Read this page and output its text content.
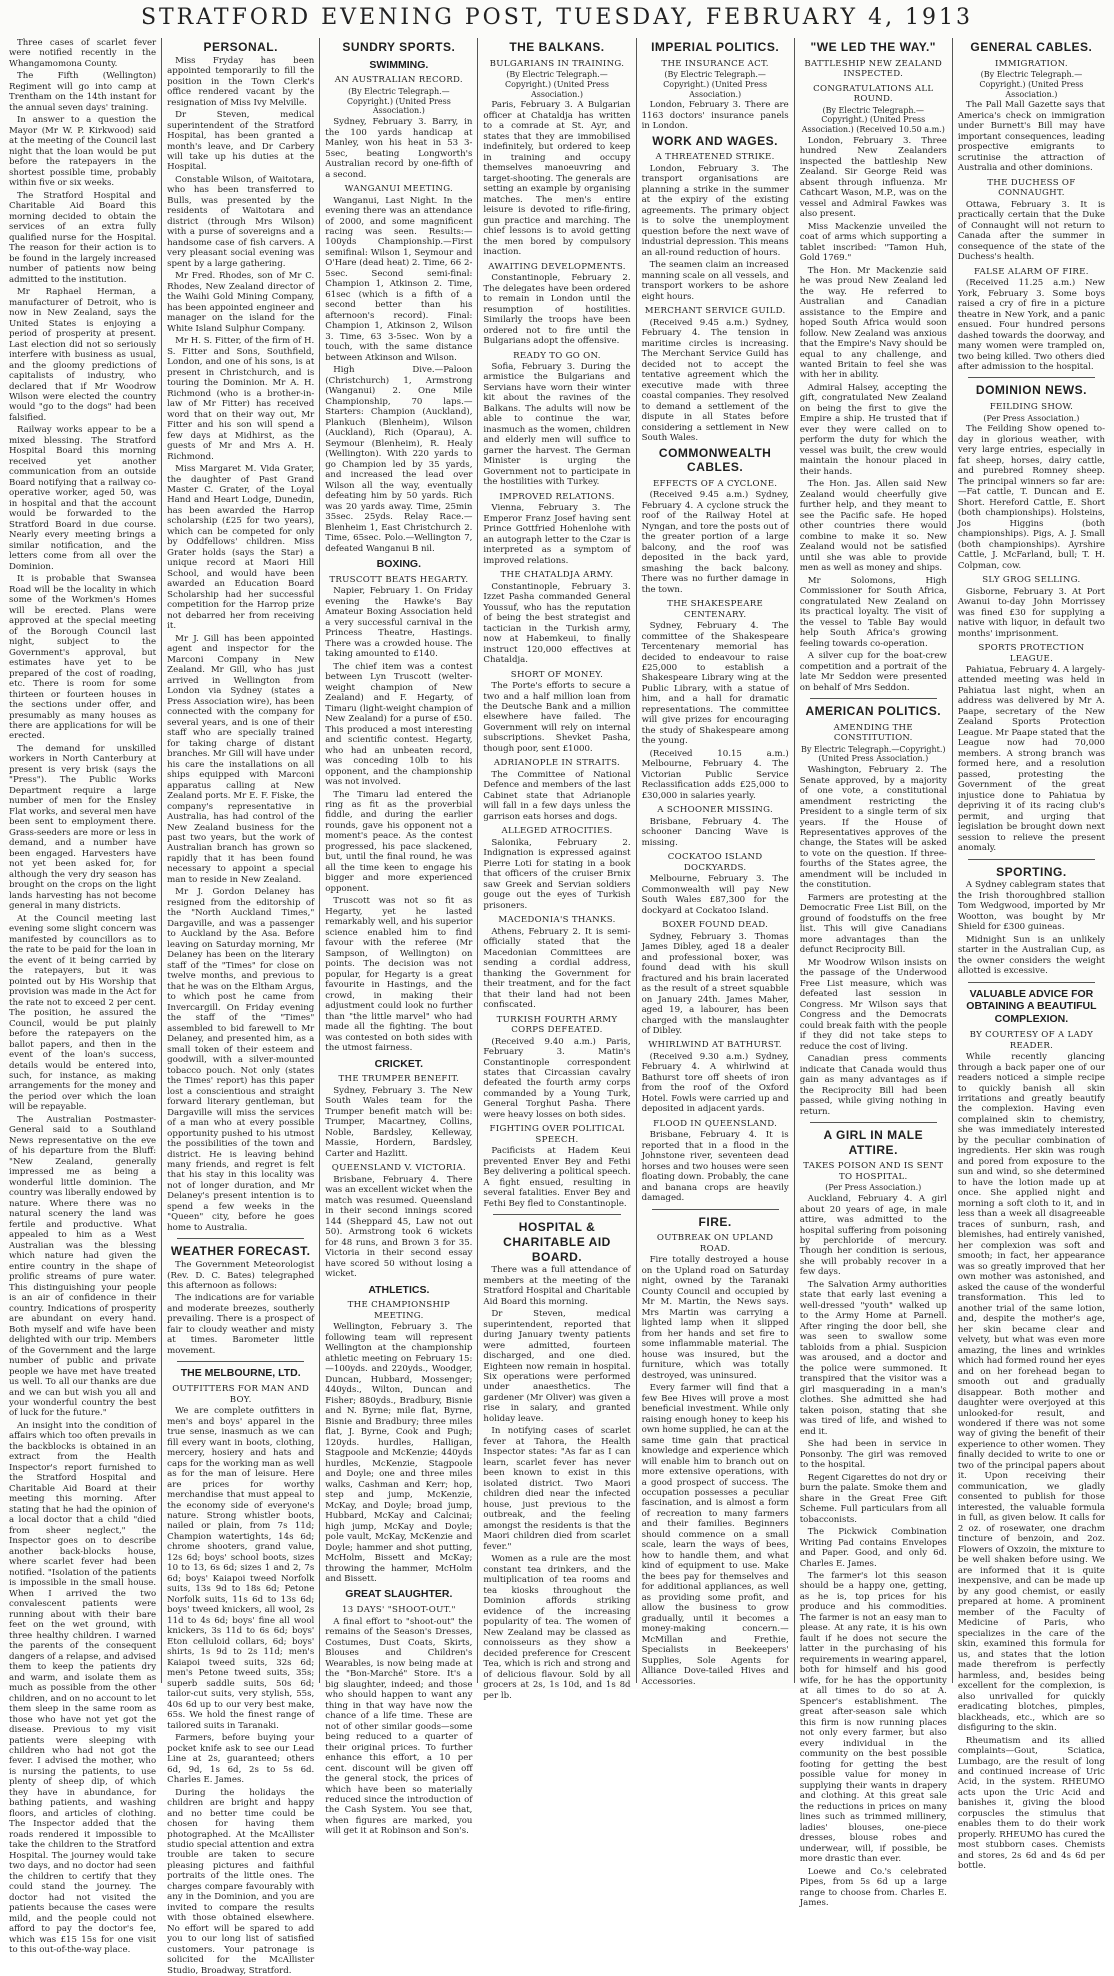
STRATFORD EVENING POST, TUESDAY, FEBRUARY 4, 1913

Three cases of scarlet fever were notified recently in the Whangamomona County.

The Fifth (Wellington) Regiment will go into camp at Trentham on the 14th instant for the annual seven days' training.

In answer to a question the Mayor (Mr W. P. Kirkwood) said at the meeting of the Council last night that the loan would be put before the ratepayers in the shortest possible time, probably within five or six weeks.

The Stratford Hospital and Charitable Aid Board this morning decided to obtain the services of an extra fully qualified nurse for the Hospital. The reason for their action is to be found in the largely increased number of patients now being admitted to the institution.

Mr Raphael Herman, a manufacturer of Detroit, who is now in New Zealand, says the United States is enjoying a period of prosperity at present. Last election did not so seriously interfere with business as usual, and the gloomy predictions of capitalists of industry, who declared that if Mr Woodrow Wilson were elected the country would "go to the dogs" had been falsified.

Railway works appear to be a mixed blessing. The Stratford Hospital Board this morning received yet another communication from an outside Board notifying that a railway co-operative worker, aged 50, was in hospital and that the account would be forwarded to the Stratford Board in due course. Nearly every meeting brings a similar notification, and the letters come from all over the Dominion.

It is probable that Swansea Road will be the locality in which some of the Workmen's Homes will be erected. Plans were approved at the special meeting of the Borough Council last night, subject to the Government's approval, but estimates have yet to be prepared of the cost of roading, etc. There is room for some thirteen or fourteen houses in the sections under offer, and presumably as many houses as there are applications for will be erected.

The demand for unskilled workers in North Canterbury at present is very brisk (says the "Press"). The Public Works Department require a large number of men for the Ensley Flat works, and several men have been sent to employment there. Grass-seeders are more or less in demand, and a number have been engaged. Harvesters have not yet been asked for, for although the very dry season has brought on the crops on the light lands harvesting has not become general in many districts.

At the Council meeting last evening some slight concern was manifested by councillors as to the rate to be paid for the loan in the event of it being carried by the ratepayers, but it was pointed out by His Worship that provision was made in the Act for the rate not to exceed 2 per cent. The position, he assured the Council, would be put plainly before the ratepayers on the ballot papers, and then in the event of the loan's success, details would be entered into, such, for instance, as making arrangements for the money and the period over which the loan will be repayable.

The Australian Postmaster-General said to a Southland News representative on the eve of his departure from the Bluff: "New Zealand, generally impressed me as being a wonderful little dominion. The country was liberally endowed by nature. Where there was no natural scenery the land was fertile and productive. What appealed to him as a West Australian was the blessing which nature had given the entire country in the shape of prolific streams of pure water. This distinguishing your people is an air of confidence in their country. Indications of prosperity are abundant on every hand. Both myself and wife have been delighted with our trip. Members of the Government and the large number of public and private people we have met have treated us well. To all our thanks are due and we can but wish you all and your wonderful country the best of luck for the future."

An insight into the condition of affairs which too often prevails in the backblocks is obtained in an extract from the Health Inspector's report furnished to the Stratford Hospital and Charitable Aid Board at their meeting this morning. After stating that he had the opinion of a local doctor that a child "died from sheer neglect," the Inspector goes on to describe another back-blocks house, where scarlet fever had been notified. "Isolation of the patients is impossible in the small house. When I arrived the two convalescent patients were running about with their bare feet on the wet ground, with three healthy children. I warned the parents of the consequent dangers of a relapse, and advised them to keep the patients dry and warm, and isolate them as much as possible from the other children, and on no account to let them sleep in the same room as those who have not yet got the disease. Previous to my visit patients were sleeping with children who had not got the fever. I advised the mother, who is nursing the patients, to use plenty of sheep dip, of which they have in abundance, for bathing patients, and washing floors, and articles of clothing. The Inspector added that the roads rendered it impossible to take the children to the Stratford Hospital. The journey would take two days, and no doctor had seen the children to certify that they could stand the journey. The doctor had not visited the patients because the cases were mild, and the people could not afford to pay the doctor's fee, which was £15 15s for one visit to this out-of-the-way place.

PERSONAL.

Miss Fryday has been appointed temporarily to fill the position in the Town Clerk's office rendered vacant by the resignation of Miss Ivy Melville.

Dr Steven, medical superintendent of the Stratford Hospital, has been granted a month's leave, and Dr Carbery will take up his duties at the Hospital.

Constable Wilson, of Waitotara, who has been transferred to Bulls, was presented by the residents of Waitotara and district (through Mrs Wilson) with a purse of sovereigns and a handsome case of fish carvers. A very pleasant social evening was spent by a large gathering.

Mr Fred. Rhodes, son of Mr C. Rhodes, New Zealand director of the Waihi Gold Mining Company, has been appointed engineer and manager on the island for the White Island Sulphur Company.

Mr H. S. Fitter, of the firm of H. S. Fitter and Sons, Southfield, London, and one of his sons, is at present in Christchurch, and is touring the Dominion. Mr A. H. Richmond (who is a brother-in-law of Mr Fitter) has received word that on their way out, Mr Fitter and his son will spend a few days at Midhirst, as the guests of Mr and Mrs A. H. Richmond.

Miss Margaret M. Vida Grater, the daughter of Past Grand Master C. Grater, of the Loyal Hand and Heart Lodge, Dunedin, has been awarded the Harrop scholarship (£25 for two years), which can be competed for only by Oddfellows' children. Miss Grater holds (says the Star) a unique record at Maori Hill School, and would have been awarded an Education Board Scholarship had her successful competition for the Harrop prize not debarred her from receiving it.

Mr J. Gill has been appointed agent and inspector for the Marconi Company in New Zealand. Mr Gill, who has just arrived in Wellington from London via Sydney (states a Press Association wire), has been connected with the company for several years, and is one of their staff who are specially trained for taking charge of distant branches. Mr Gill will have under his care the installations on all ships equipped with Marconi apparatus calling at New Zealand ports. Mr E. F. Fiske, the company's representative in Australia, has had control of the New Zealand business for the past two years, but the work of Australian branch has grown so rapidly that it has been found necessary to appoint a special man to reside in New Zealand.

Mr J. Gordon Delaney has resigned from the editorship of the "North Auckland Times," Dargaville, and was a passenger to Auckland by the Asa. Before leaving on Saturday morning, Mr Delaney has been on the literary staff of the "Times" for close on twelve months, and previous to that he was on the Eltham Argus, to which post he came from Invercargill. On Friday evening the staff of the "Times" assembled to bid farewell to Mr Delaney, and presented him, as a small token of their esteem and goodwill, with a silver-mounted tobacco pouch. Not only (states the Times' report) has this paper lost a conscientious and straight forward literary gentleman, but Dargaville will miss the services of a man who at every possible opportunity pushed to his utmost the possibilities of the town and district. He is leaving behind many friends, and regret is felt that his stay in this locality was not of longer duration, and Mr Delaney's present intention is to spend a few weeks in the "Queen" city, before he goes home to Australia.

WEATHER FORECAST.

The Government Meteorologist (Rev. D. C. Bates) telegraphed this afternoon as follows:

The indications are for variable and moderate breezes, southerly prevailing. There is a prospect of fair to cloudy weather and misty at times. Barometer little movement.

THE MELBOURNE, LTD.
OUTFITTERS FOR MAN AND BOY.

We are complete outfitters in men's and boys' apparel in the true sense, inasmuch as we can fill every want in boots, clothing, mercery, hosiery and hats and caps for the working man as well as for the man of leisure. Here are prices for worthy merchandise that must appeal to the economy side of everyone's nature. Strong whistler boots, nailed or plain, from 7s 11d; Champion watertights, 14s 6d; chrome shooters, grand value, 12s 6d; boys' school boots, sizes 10 to 13, 6s 6d; sizes 1 and 2, 7s 6d; boys' Kaiapoi tweed Norfolk suits, 13s 9d to 18s 6d; Petone Norfolk suits, 11s 6d to 13s 6d; boys' tweed knickers, all wool, 2s 11d to 4s 6d; boys' fine all wool knickers, 3s 11d to 6s 6d; boys' Eton celluloid collars, 6d; boys' shirts, 1s 9d to 2s 11d; men's Kaiapoi tweed suits, 32s 6d; men's Petone tweed suits, 35s; superb saddle suits, 50s 6d; tailor-cut suits, very stylish, 55s, 40s 6d up to our very best make, 65s. We hold the finest range of tailored suits in Taranaki.

Farmers, before buying your pocket knife ask to see our Lead Line at 2s, guaranteed; others 6d, 9d, 1s 6d, 2s to 5s 6d. Charles E. James.

During the holidays the children are bright and happy and no better time could be chosen for having them photographed. At the McAllister studio special attention and extra trouble are taken to secure pleasing pictures and faithful portraits of the little ones. The charges compare favourably with any in the Dominion, and you are invited to compare the results with those obtained elsewhere. No effort will be spared to add you to our long list of satisfied customers. Your patronage is solicited for the McAllister Studio, Broadway, Stratford.

SUNDRY SPORTS.
SWIMMING.
AN AUSTRALIAN RECORD.
(By Electric Telegraph.—Copyright.) (United Press Association.)

Sydney, February 3. Barry, in the 100 yards handicap at Manley, won his heat in 53 3-5sec, beating Longworth's Australian record by one-fifth of a second.

WANGANUI MEETING.

Wanganui, Last Night. In the evening there was an attendance of 2000, and some magnificent racing was seen. Results:—100yds Championship.—First semifinal: Wilson 1, Seymour and O'Hare (dead heat) 2. Time, 66 2-5sec. Second semi-final: Champion 1, Atkinson 2. Time, 61sec (which is a fifth of a second better than his afternoon's record). Final: Champion 1, Atkinson 2, Wilson 3. Time, 63 3-5sec. Won by a touch, with the same distance between Atkinson and Wilson.

High Dive.—Paloon (Christchurch) 1, Armstrong (Wanganui) 2. One Mile Championship, 70 laps.—Starters: Champion (Auckland), Plankuch (Blenheim), Wilson (Auckland), Rich (Oparau), A. Seymour (Blenheim), R. Healy (Wellington). With 220 yards to go Champion led by 35 yards, and increased the lead over Wilson all the way, eventually defeating him by 50 yards. Rich was 20 yards away. Time, 25min 35sec. 25yds. Relay Race.—Blenheim 1, East Christchurch 2. Time, 65sec. Polo.—Wellington 7, defeated Wanganui B nil.

BOXING.
TRUSCOTT BEATS HEGARTY.

Napier, February 1. On Friday evening the Hawke's Bay Amateur Boxing Association held a very successful carnival in the Princess Theatre, Hastings. There was a crowded house. The taking amounted to £140.

The chief item was a contest between Lyn Truscott (welter-weight champion of New Zealand) and F. Hegarty, of Timaru (light-weight champion of New Zealand) for a purse of £50. This produced a most interesting and scientific contest. Hegarty, who had an unbeaten record, was conceding 10lb to his opponent, and the championship was not involved.

The Timaru lad entered the ring as fit as the proverbial fiddle, and during the earlier rounds, gave his opponent not a moment's peace. As the contest progressed, his pace slackened, but, until the final round, he was all the time keen to engage his bigger and more experienced opponent.

Truscott was not so fit as Hegarty, yet he lasted remarkably well, and his superior science enabled him to find favour with the referee (Mr Sampson, of Wellington) on points. The decision was not popular, for Hegarty is a great favourite in Hastings, and the crowd, in making their adjustment could look no further than "the little marvel" who had made all the fighting. The bout was contested on both sides with the utmost fairness.

CRICKET.
THE TRUMPER BENEFIT.

Sydney, February 3. The New South Wales team for the Trumper benefit match will be: Trumper, Macartney, Collins, Noble, Bardsley, Kelleway, Massie, Hordern, Bardsley, Carter and Hazlitt.

QUEENSLAND V. VICTORIA.

Brisbane, February 4. There was an excellent wicket when the match was resumed. Queensland in their second innings scored 144 (Sheppard 45, Law not out 50). Armstrong took 6 wickets for 48 runs, and Brown 3 for 35. Victoria in their second essay have scored 50 without losing a wicket.

ATHLETICS.
THE CHAMPIONSHIP MEETING.

Wellington, February 3. The following team will represent Wellington at the championship athletic meeting on February 15:—100yds. and 220yds., Woodger, Duncan, Hubbard, Mossenger; 440yds., Wilton, Duncan and Fisher; 880yds., Bradbury, Bisnie and N. Byrne; mile flat, Byrne, Bisnie and Bradbury; three miles flat, J. Byrne, Cook and Pugh; 120yds. hurdles, Halligan, Stagpoole and McKenzie; 440yds hurdles, McKenzie, Stagpoole and Doyle; one and three miles walks, Cashman and Kerr; hop, step and jump, McKenzie, McKay, and Doyle; broad jump, Hubbard, McKay and Calcinai; high jump, McKay and Doyle; pole vault, McKay, McKenzie and Doyle; hammer and shot putting, McHolm, Bissett and McKay; throwing the hammer, McHolm and Bissett.

GREAT SLAUGHTER.
13 DAYS' "SHOOT-OUT."

A final effort to "shoot-out" the remains of the Season's Dresses, Costumes, Dust Coats, Skirts, Blouses and Children's Wearables, is now being made at the "Bon-Marché" Store. It's a big slaughter, indeed; and those who should happen to want any thing in that way have now the chance of a life time. These are not of other similar goods—some being reduced to a quarter of their original prices. To further enhance this effort, a 10 per cent. discount will be given off the general stock, the prices of which have been so materially reduced since the introduction of the Cash System. You see that, when figures are marked, you will get it at Robinson and Son's.

THE BALKANS.
BULGARIANS IN TRAINING.
(By Electric Telegraph.—Copyright.) (United Press Association.)

Paris, February 3. A Bulgarian officer at Chataldja has written to a comrade at St. Ayr, and states that they are immobilised indefinitely, but ordered to keep in training and occupy themselves manoeuvring and target-shooting. The generals are setting an example by organising matches. The men's entire leisure is devoted to rifle-firing, gun practice and marching. The chief lessons is to avoid getting the men bored by compulsory inaction.

AWAITING DEVELOPMENTS.

Constantinople, February 2. The delegates have been ordered to remain in London until the resumption of hostilities. Similarly the troops have been ordered not to fire until the Bulgarians adopt the offensive.

READY TO GO ON.

Sofia, February 3. During the armistice the Bulgarians and Servians have worn their winter kit about the ravines of the Balkans. The adults will now be able to continue the war, inasmuch as the women, children and elderly men will suffice to garner the harvest. The German Minister is urging the Government not to participate in the hostilities with Turkey.

IMPROVED RELATIONS.

Vienna, February 3. The Emperor Franz Josef having sent Prince Gottfried Hohenlohe with an autograph letter to the Czar is interpreted as a symptom of improved relations.

THE CHATALDJA ARMY.

Constantinople, February 3. Izzet Pasha commanded General Youssuf, who has the reputation of being the best strategist and tactician in the Turkish army, now at Habemkeui, to finally instruct 120,000 effectives at Chataldja.

SHORT OF MONEY.

The Porte's efforts to secure a two and a half million loan from the Deutsche Bank and a million elsewhere have failed. The Government will rely on internal subscriptions. Shevket Pasha, though poor, sent £1000.

ADRIANOPLE IN STRAITS.

The Committee of National Defence and members of the last Cabinet state that Adrianople will fall in a few days unless the garrison eats horses and dogs.

ALLEGED ATROCITIES.

Salonika, February 2. Indignation is expressed against Pierre Loti for stating in a book that officers of the cruiser Brnix saw Greek and Servian soldiers gouge out the eyes of Turkish prisoners.

MACEDONIA'S THANKS.

Athens, February 2. It is semi-officially stated that the Macedonian Committees are sending a cordial address, thanking the Government for their treatment, and for the fact that their land had not been confiscated.

TURKISH FOURTH ARMY CORPS DEFEATED.

(Received 9.40 a.m.) Paris, February 3. Matin's Constantinople correspondent states that Circassian cavalry defeated the fourth army corps commanded by a Young Turk, General Torghut Pasha. There were heavy losses on both sides.

FIGHTING OVER POLITICAL SPEECH.

Pacificists at Hadem Keui prevented Enver Bey and Fethi Bey delivering a political speech. A fight ensued, resulting in several fatalities. Enver Bey and Fethi Bey fled to Constantinople.

HOSPITAL & CHARITABLE AID BOARD.

There was a full attendance of members at the meeting of the Stratford Hospital and Charitable Aid Board this morning.

Dr Steven, medical superintendent, reported that during January twenty patients were admitted, fourteen discharged, and one died. Eighteen now remain in hospital. Six operations were performed under anaesthetics. The gardener (Mr Oliver) was given a rise in salary, and granted holiday leave.

In notifying cases of scarlet fever at Tahora, the Health Inspector states: "As far as I can learn, scarlet fever has never been known to exist in this isolated district. Two Maori children died near the infected house, just previous to the outbreak, and the feeling amongst the residents is that the Maori children died from scarlet fever."

Women as a rule are the most constant tea drinkers, and the multiplication of tea rooms and tea kiosks throughout the Dominion affords striking evidence of the increasing popularity of tea. The women of New Zealand may be classed as connoisseurs as they show a decided preference for Crescent Tea, which is rich and strong and of delicious flavour. Sold by all grocers at 2s, 1s 10d, and 1s 8d per lb.

IMPERIAL POLITICS.
THE INSURANCE ACT.
(By Electric Telegraph.—Copyright.) (United Press Association.)

London, February 3. There are 1163 doctors' insurance panels in London.

WORK AND WAGES.
A THREATENED STRIKE.

London, February 3. The transport organisations are planning a strike in the summer at the expiry of the existing agreements. The primary object is to solve the unemployment question before the next wave of industrial depression. This means an all-round reduction of hours.

The seamen claim an increased manning scale on all vessels, and transport workers to be ashore eight hours.

MERCHANT SERVICE GUILD.

(Received 9.45 a.m.) Sydney, February 4. The tension in maritime circles is increasing. The Merchant Service Guild has decided not to accept the tentative agreement which the executive made with three coastal companies. They resolved to demand a settlement of the dispute in all States before considering a settlement in New South Wales.

COMMONWEALTH CABLES.
EFFECTS OF A CYCLONE.

(Received 9.45 a.m.) Sydney, February 4. A cyclone struck the roof of the Railway Hotel at Nyngan, and tore the posts out of the greater portion of a large balcony, and the roof was deposited in the back yard, smashing the back balcony. There was no further damage in the town.

THE SHAKESPEARE CENTENARY.

Sydney, February 4. The committee of the Shakespeare Tercentenary memorial has decided to endeavour to raise £25,000 to establish a Shakespeare Library wing at the Public Library, with a statue of him, and a hall for dramatic representations. The committee will give prizes for encouraging the study of Shakespeare among the young.

(Received 10.15 a.m.) Melbourne, February 4. The Victorian Public Service Reclassification adds £25,000 to £30,000 in salaries yearly.

A SCHOONER MISSING.

Brisbane, February 4. The schooner Dancing Wave is missing.

COCKATOO ISLAND DOCKYARDS.

Melbourne, February 3. The Commonwealth will pay New South Wales £87,300 for the dockyard at Cockatoo Island.

BOXER FOUND DEAD.

Sydney, February 3. Thomas James Dibley, aged 18 a dealer and professional boxer, was found dead with his skull fractured and his brain lacerated as the result of a street squabble on January 24th. James Maher, aged 19, a labourer, has been charged with the manslaughter of Dibley.

WHIRLWIND AT BATHURST.

(Received 9.30 a.m.) Sydney, February 4. A whirlwind at Bathurst tore off sheets of iron from the roof of the Oxford Hotel. Fowls were carried up and deposited in adjacent yards.

FLOOD IN QUEENSLAND.

Brisbane, February 4. It is reported that in a flood in the Johnstone river, seventeen dead horses and two houses were seen floating down. Probably, the cane and banana crops are heavily damaged.

FIRE.
OUTBREAK ON UPLAND ROAD.

Fire totally destroyed a house on the Upland road on Saturday night, owned by the Taranaki County Council and occupied by Mr M. Martin, the News says. Mrs Martin was carrying a lighted lamp when it slipped from her hands and set fire to some inflammable material. The house was insured, but the furniture, which was totally destroyed, was uninsured.

Every farmer will find that a few Bee Hives will prove a most beneficial investment. While only raising enough honey to keep his own home supplied, he can at the same time gain that practical knowledge and experience which will enable him to branch out on more extensive operations, with a good prospect of success. The occupation possesses a peculiar fascination, and is almost a form of recreation to many farmers and their families. Beginners should commence on a small scale, learn the ways of bees, how to handle them, and what kind of equipment to use. Make the bees pay for themselves and for additional appliances, as well as providing some profit, and allow the business to grow gradually, until it becomes a money-making concern.—McMillan and Frethie, Specialists in Beekeepers' Supplies, Sole Agents for Alliance Dove-tailed Hives and Accessories.

"WE LED THE WAY."
BATTLESHIP NEW ZEALAND INSPECTED.
CONGRATULATIONS ALL ROUND.
(By Electric Telegraph.—Copyright.) (United Press Association.) (Received 10.50 a.m.)

London, February 3. Three hundred New Zealanders inspected the battleship New Zealand. Sir George Reid was absent through influenza. Mr Cathcart Wason, M.P., was on the vessel and Admiral Fawkes was also present.

Miss Mackenzie unveiled the coat of arms which supporting a tablet inscribed: "Tamon Huh, Gold 1769."

The Hon. Mr Mackenzie said he was proud New Zealand led the way. He referred to Australian and Canadian assistance to the Empire and hoped South Africa would soon follow. New Zealand was anxious that the Empire's Navy should be equal to any challenge, and wanted Britain to feel she was with her in ability.

Admiral Halsey, accepting the gift, congratulated New Zealand on being the first to give the Empire a ship. He trusted that if ever they were called on to perform the duty for which the vessel was built, the crew would maintain the honour placed in their hands.

The Hon. Jas. Allen said New Zealand would cheerfully give further help, and they meant to see the Pacific safe. He hoped other countries there would combine to make it so. New Zealand would not be satisfied until she was able to provide men as well as money and ships.

Mr Solomons, High Commissioner for South Africa, congratulated New Zealand on its practical loyalty. The visit of the vessel to Table Bay would help South Africa's growing feeling towards co-operation.

A silver cup for the boat-crew competition and a portrait of the late Mr Seddon were presented on behalf of Mrs Seddon.

AMERICAN POLITICS.
AMENDING THE CONSTITUTION.
By Electric Telegraph.—Copyright.) (United Press Association.)

Washington, February 2. The Senate approved, by a majority of one vote, a constitutional amendment restricting the President to a single term of six years. If the House of Representatives approves of the change, the States will be asked to vote on the question. If three-fourths of the States agree, the amendment will be included in the constitution.

Farmers are protesting at the Democratic Free List Bill, on the ground of foodstuffs on the free list. This will give Canadians more advantages than the defunct Reciprocity Bill.

Mr Woodrow Wilson insists on the passage of the Underwood Free List measure, which was defeated last session in Congress. Mr Wilson says that Congress and the Democrats could break faith with the people if they did not take steps to reduce the cost of living.

Canadian press comments indicate that Canada would thus gain as many advantages as if the Reciprocity Bill had been passed, while giving nothing in return.

A GIRL IN MALE ATTIRE.
TAKES POISON AND IS SENT TO HOSPITAL.
(Per Press Association.)

Auckland, February 4. A girl about 20 years of age, in male attire, was admitted to the hospital suffering from poisoning by perchloride of mercury. Though her condition is serious, she will probably recover in a few days.

The Salvation Army authorities state that early last evening a well-dressed "youth" walked up to the Army Home at Parnell. After ringing the door bell, she was seen to swallow some tabloids from a phial. Suspicion was aroused, and a doctor and the police were summoned. It transpired that the visitor was a girl masquerading in a man's clothes. She admitted she had taken poison, stating that she was tired of life, and wished to end it.

She had been in service in Ponsonby. The girl was removed to the hospital.

Regent Cigarettes do not dry or burn the palate. Smoke them and share in the Great Free Gift Scheme. Full particulars from all tobacconists.

The Pickwick Combination Writing Pad contains Envelopes and Paper. Good, and only 6d. Charles E. James.

The farmer's lot this season should be a happy one, getting, as he is, top prices for his produce and his commodities. The farmer is not an easy man to please. At any rate, it is his own fault if he does not secure the latter in the purchasing of his requirements in wearing apparel, both for himself and his good wife, for he has the opportunity at all times to do so at A. Spencer's establishment. The great after-season sale which this firm is now running places not only every farmer, but also every individual in the community on the best possible footing for getting the best possible value for money in supplying their wants in drapery and clothing. At this great sale the reductions in prices on many lines such as trimmed millinery, ladies' blouses, one-piece dresses, blouse robes and underwear, will, if possible, be more drastic than ever.

Loewe and Co.'s celebrated Pipes, from 5s 6d up a large range to choose from. Charles E. James.

GENERAL CABLES.
IMMIGRATION.
(By Electric Telegraph.—Copyright.) (United Press Association.)

The Pall Mall Gazette says that America's check on immigration under Burnett's Bill may have important consequences, leading prospective emigrants to scrutinise the attraction of Australia and other dominions.

THE DUCHESS OF CONNAUGHT.

Ottawa, February 3. It is practically certain that the Duke of Connaught will not return to Canada after the summer in consequence of the state of the Duchess's health.

FALSE ALARM OF FIRE.

(Received 11.25 a.m.) New York, February 3. Some boys raised a cry of fire in a picture theatre in New York, and a panic ensued. Four hundred persons dashed towards the doorway, and many women were trampled on, two being killed. Two others died after admission to the hospital.

DOMINION NEWS.
FEILDING SHOW.
(Per Press Association.)

The Feilding Show opened to-day in glorious weather, with very large entries, especially in fat sheep, horses, dairy cattle, and purebred Romney sheep. The principal winners so far are:—Fat cattle, T. Duncan and E. Short. Hereford Cattle, E. Short (both championships). Holsteins, Jos Higgins (both championships). Pigs, A. J. Small (both championships). Ayrshire Cattle, J. McFarland, bull; T. H. Colpman, cow.

SLY GROG SELLING.

Gisborne, February 3. At Port Awanui to-day John Morrissey was fined £30 for supplying a native with liquor, in default two months' imprisonment.

SPORTS PROTECTION LEAGUE.

Pahiatua, February 4. A largely-attended meeting was held in Pahiatua last night, when an address was delivered by Mr A. Paape, secretary of the New Zealand Sports Protection League. Mr Paape stated that the League now had 70,000 members. A strong branch was formed here, and a resolution passed, protesting the Government of the great injustice done to Pahiatua by depriving it of its racing club's permit, and urging that legislation be brought down next session to relieve the present anomaly.

SPORTING.

A Sydney cablegram states that the Irish thoroughbred stallion Tom Wedgwood, imported by Mr Wootton, was bought by Mr Shield for £300 guineas.

Midnight Sun is an unlikely starter in the Australian Cup, as the owner considers the weight allotted is excessive.

VALUABLE ADVICE FOR OBTAINING A BEAUTIFUL COMPLEXION.
BY COURTESY OF A LADY READER.

While recently glancing through a back paper one of our readers noticed a simple recipe to quickly banish all skin irritations and greatly beautify the complexion. Having even complained skin to chemistry, she was immediately interested by the peculiar combination of ingredients. Her skin was rough and pored from exposure to the sun and wind, so she determined to have the lotion made up at once. She applied night and morning a soft cloth to it, and in less than a week all disagreeable traces of sunburn, rash, and blemishes, had entirely vanished, her complexion was soft and smooth; in fact, her appearance was so greatly improved that her own mother was astonished, and asked the cause of the wonderful transformation. This led to another trial of the same lotion, and, despite the mother's age, her skin became clear and velvety, but what was even more amazing, the lines and wrinkles which had formed round her eyes and on her forehead began to smooth out and gradually disappear. Both mother and daughter were overjoyed at this unlooked-for result, and wondered if there was not some way of giving the benefit of their experience to other women. They finally decided to write to one or two of the principal papers about it. Upon receiving their communication, we gladly consented to publish for those interested, the valuable formula in full, as given below. It calls for 2 oz. of rosewater, one drachm tincture of benzoin, and 2oz. Flowers of Oxzoin, the mixture to be well shaken before using. We are informed that it is quite inexpensive, and can be made up by any good chemist, or easily prepared at home. A prominent member of the Faculty of Medicine of Paris, who specializes in the care of the skin, examined this formula for us, and states that the lotion made therefrom is perfectly harmless, and, besides being excellent for the complexion, is also unrivalled for quickly eradicating blotches, pimples, blackheads, etc., which are so disfiguring to the skin.

Rheumatism and its allied complaints—Gout, Sciatica, Lumbago, are the result of long and continued increase of Uric Acid, in the system. RHEUMO acts upon the Uric Acid and banishes it, giving the blood corpuscles the stimulus that enables them to do their work properly. RHEUMO has cured the most stubborn cases. Chemists and stores, 2s 6d and 4s 6d per bottle.
